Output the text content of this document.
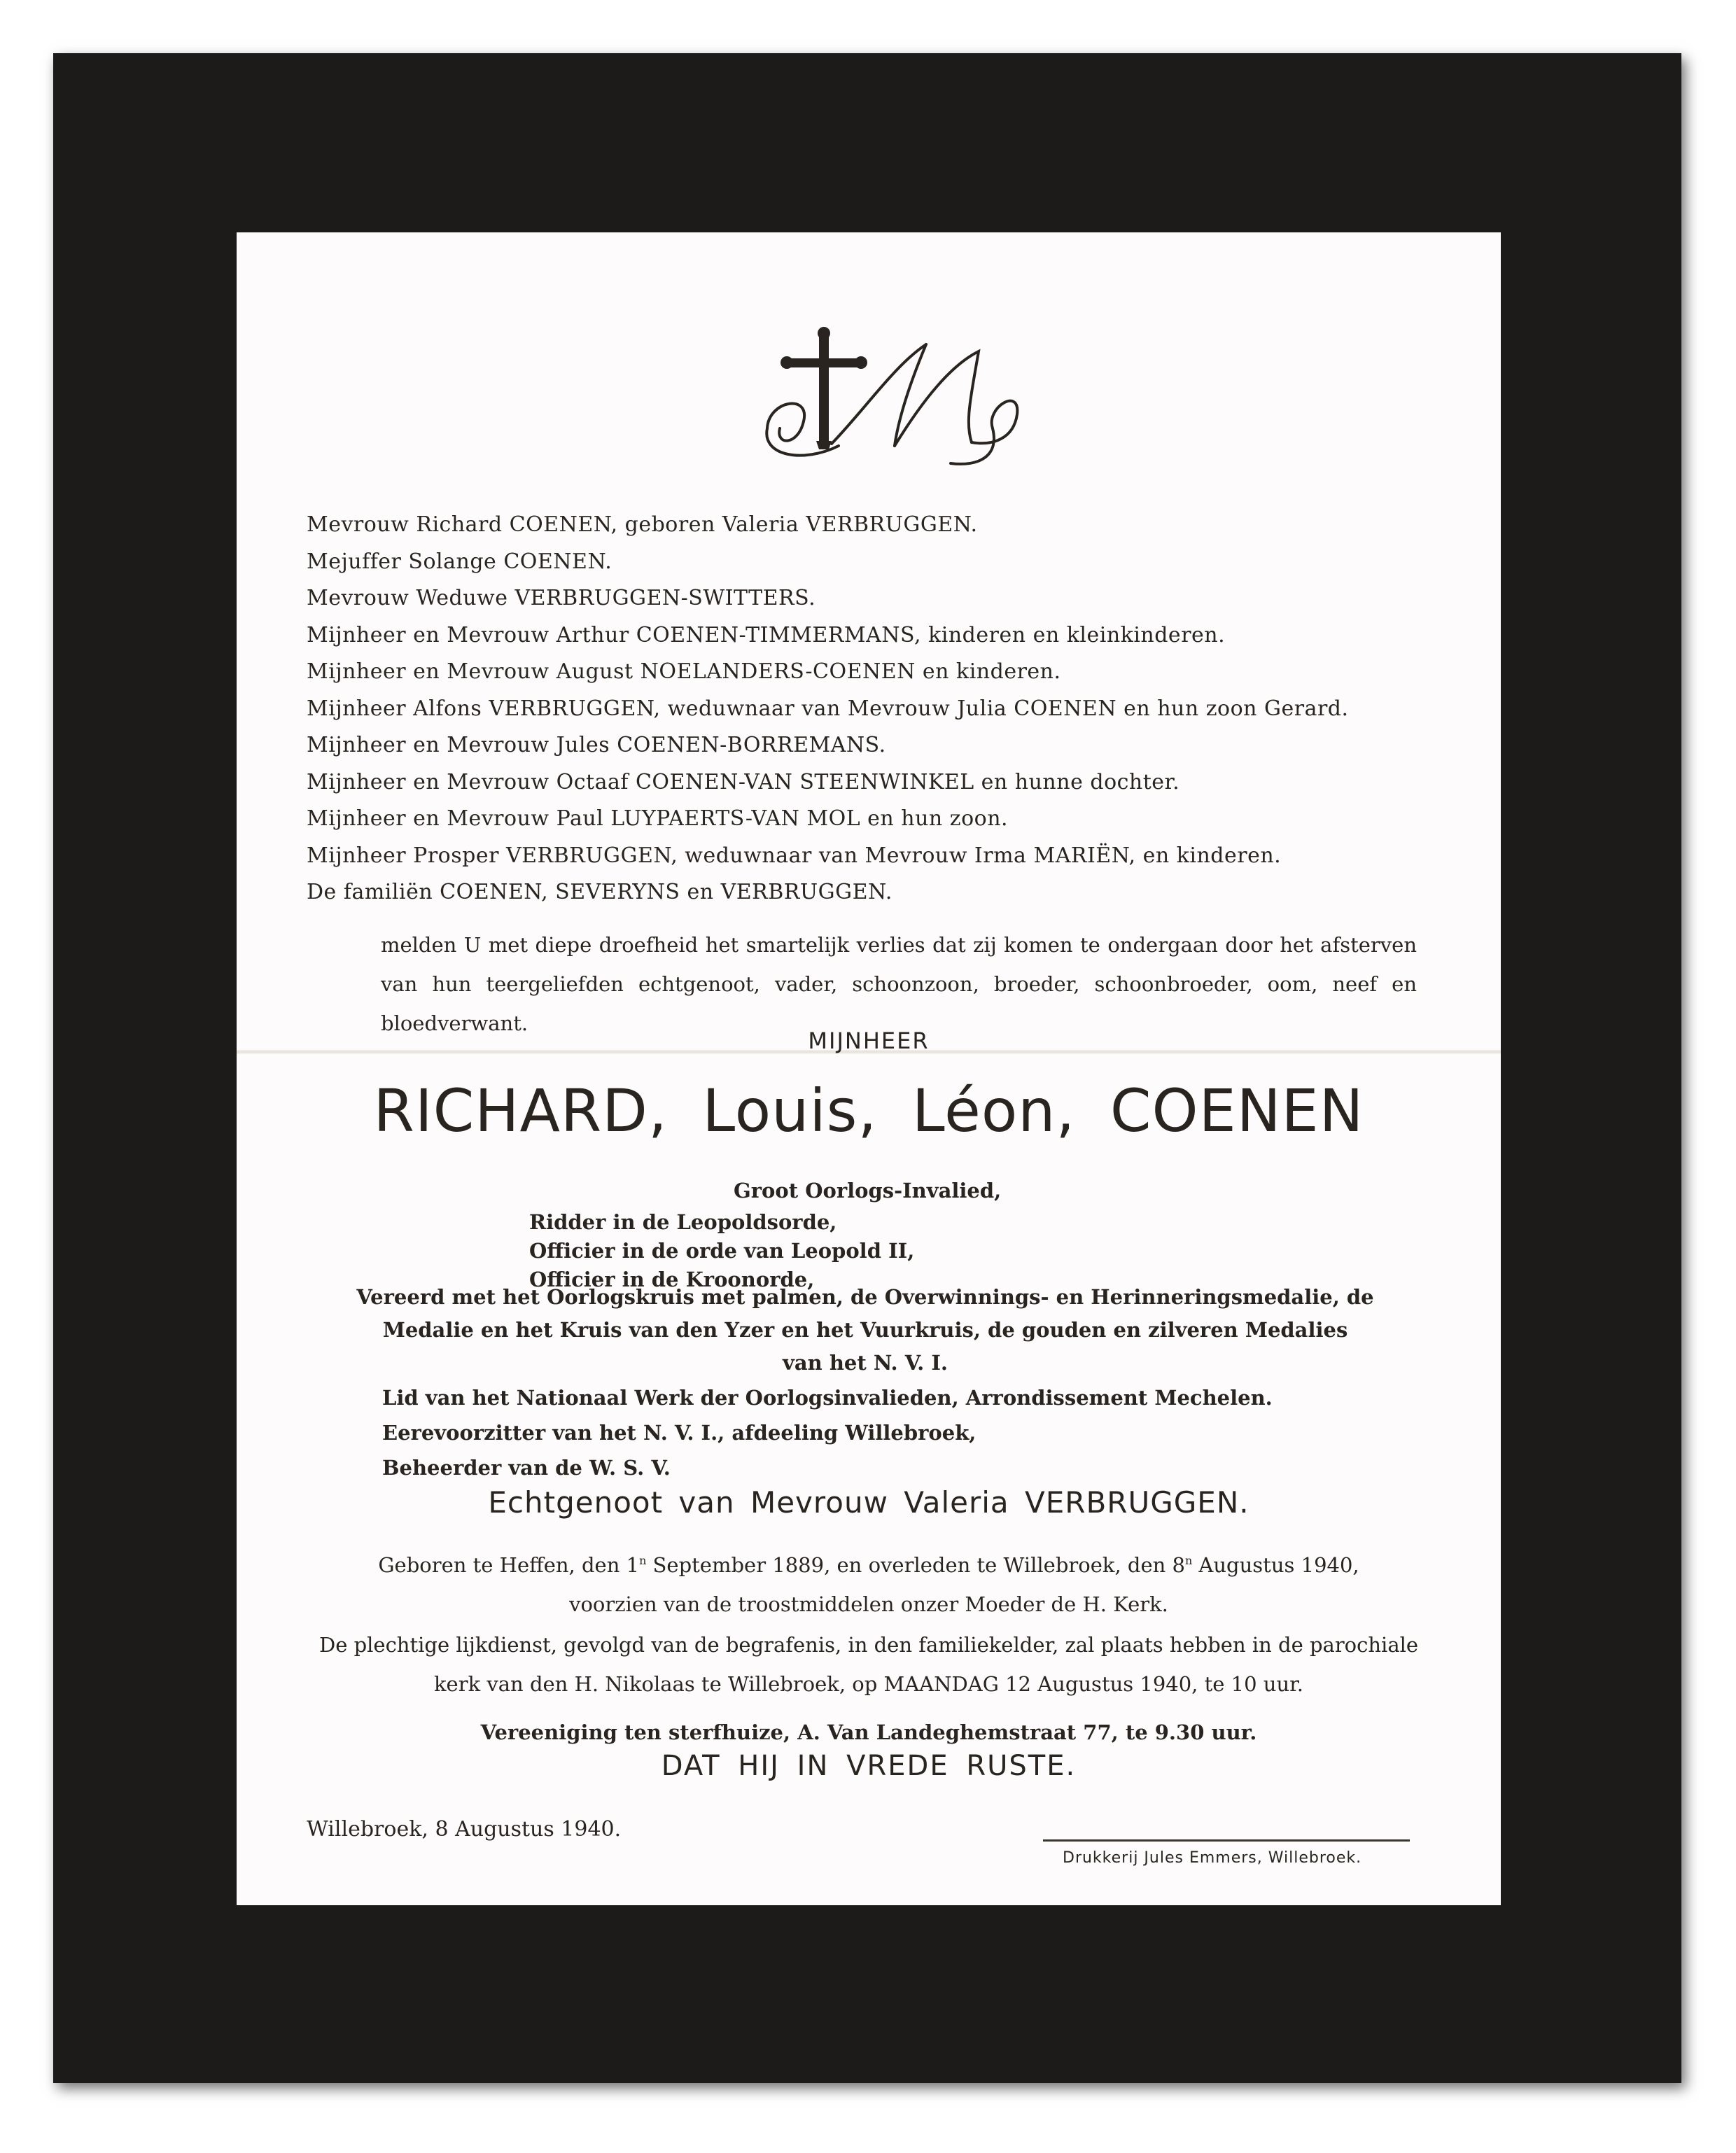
Mevrouw Richard COENEN, geboren Valeria VERBRUGGEN.
Mejuffer Solange COENEN.
Mevrouw Weduwe VERBRUGGEN-SWITTERS.
Mijnheer en Mevrouw Arthur COENEN-TIMMERMANS, kinderen en kleinkinderen.
Mijnheer en Mevrouw August NOELANDERS-COENEN en kinderen.
Mijnheer Alfons VERBRUGGEN, weduwnaar van Mevrouw Julia COENEN en hun zoon Gerard.
Mijnheer en Mevrouw Jules COENEN-BORREMANS.
Mijnheer en Mevrouw Octaaf COENEN-VAN STEENWINKEL en hunne dochter.
Mijnheer en Mevrouw Paul LUYPAERTS-VAN MOL en hun zoon.
Mijnheer Prosper VERBRUGGEN, weduwnaar van Mevrouw Irma MARIËN, en kinderen.
De familiën COENEN, SEVERYNS en VERBRUGGEN.
melden U met diepe droefheid het smartelijk verlies dat zij komen te ondergaan door het afsterven van hun teergeliefden echtgenoot, vader, schoonzoon, broeder, schoonbroeder, oom, neef en bloedverwant.
MIJNHEER
RICHARD, Louis, Léon, COENEN
Groot Oorlogs-Invalied,
Ridder in de Leopoldsorde,
Officier in de orde van Leopold II,
Officier in de Kroonorde,
Vereerd met het Oorlogskruis met palmen, de Overwinnings- en Herinneringsmedalie, de
Medalie en het Kruis van den Yzer en het Vuurkruis, de gouden en zilveren Medalies
van het N. V. I.
Lid van het Nationaal Werk der Oorlogsinvalieden, Arrondissement Mechelen.
Eerevoorzitter van het N. V. I., afdeeling Willebroek,
Beheerder van de W. S. V.
Echtgenoot van Mevrouw Valeria VERBRUGGEN.
Geboren te Heffen, den 1$^n$ September 1889, en overleden te Willebroek, den 8$^n$ Augustus 1940,
voorzien van de troostmiddelen onzer Moeder de H. Kerk.
De plechtige lijkdienst, gevolgd van de begrafenis, in den familiekelder, zal plaats hebben in de parochiale kerk van den H. Nikolaas te Willebroek, op MAANDAG 12 Augustus 1940, te 10 uur.
Vereeniging ten sterfhuize, A. Van Landeghemstraat 77, te 9.30 uur.
DAT HIJ IN VREDE RUSTE.
Willebroek, 8 Augustus 1940.
Drukkerij Jules Emmers, Willebroek.
